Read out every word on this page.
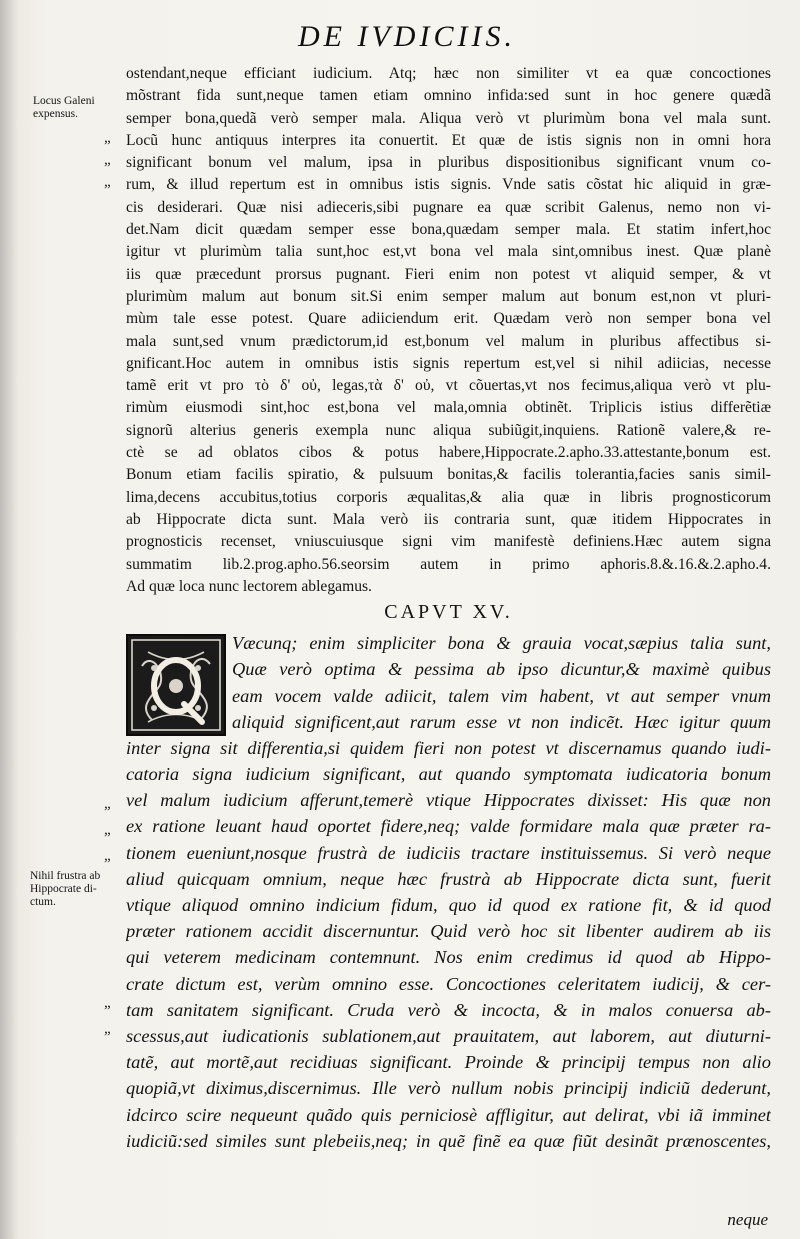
DE IVDICIIS.
Locus Galeni
expensus.
Nihil frustra ab
Hippocrate di-
ctum.
„
„
„
„
„
„
„
„
ostendant,neque efficiant iudicium. Atq; hæc non similiter vt ea quæ concoctiones
mõstrant fida sunt,neque tamen etiam omnino infida:sed sunt in hoc genere quædã
semper bona,quedã verò semper mala. Aliqua verò vt plurimùm bona vel mala sunt.
Locũ hunc antiquus interpres ita conuertit. Et quæ de istis signis non in omni hora
significant bonum vel malum, ipsa in pluribus dispositionibus significant vnum co-
rum, & illud repertum est in omnibus istis signis. Vnde satis cõstat hic aliquid in græ-
cis desiderari. Quæ nisi adieceris,sibi pugnare ea quæ scribit Galenus, nemo non vi-
det.Nam dicit quædam semper esse bona,quædam semper mala. Et statim infert,hoc
igitur vt plurimùm talia sunt,hoc est,vt bona vel mala sint,omnibus inest. Quæ planè
iis quæ præcedunt prorsus pugnant. Fieri enim non potest vt aliquid semper, & vt
plurimùm malum aut bonum sit.Si enim semper malum aut bonum est,non vt pluri-
mùm tale esse potest. Quare adiiciendum erit. Quædam verò non semper bona vel
mala sunt,sed vnum prædictorum,id est,bonum vel malum in pluribus affectibus si-
gnificant.Hoc autem in omnibus istis signis repertum est,vel si nihil adiicias, necesse
tamẽ erit vt pro τὸ δ' οὐ, legas,τὰ δ' οὐ, vt cõuertas,vt nos fecimus,aliqua verò vt plu-
rimùm eiusmodi sint,hoc est,bona vel mala,omnia obtinẽt. Triplicis istius differẽtiæ
signorũ alterius generis exempla nunc aliqua subiũgit,inquiens. Rationẽ valere,& re-
ctè se ad oblatos cibos & potus habere,Hippocrate.2.apho.33.attestante,bonum est.
Bonum etiam facilis spiratio, & pulsuum bonitas,& facilis tolerantia,facies sanis simil-
lima,decens accubitus,totius corporis æqualitas,& alia quæ in libris prognosticorum
ab Hippocrate dicta sunt. Mala verò iis contraria sunt, quæ itidem Hippocrates in
prognosticis recenset, vniuscuiusque signi vim manifestè definiens.Hæc autem signa
summatim lib.2.prog.apho.56.seorsim autem in primo aphoris.8.&.16.&.2.apho.4.
Ad quæ loca nunc lectorem ablegamus.
CAPVT XV.
Væcunq; enim simpliciter bona & grauia vocat,sæpius talia sunt,
Quæ verò optima & pessima ab ipso dicuntur,& maximè quibus
eam vocem valde adiicit, talem vim habent, vt aut semper vnum
aliquid significent,aut rarum esse vt non indicẽt. Hæc igitur quum
inter signa sit differentia,si quidem fieri non potest vt discernamus quando iudi-
catoria signa iudicium significant, aut quando symptomata iudicatoria bonum
vel malum iudicium afferunt,temerè vtique Hippocrates dixisset: His quæ non
ex ratione leuant haud oportet fidere,neq; valde formidare mala quæ præter ra-
tionem eueniunt,nosque frustrà de iudiciis tractare instituissemus. Si verò neque
aliud quicquam omnium, neque hæc frustrà ab Hippocrate dicta sunt, fuerit
vtique aliquod omnino indicium fidum, quo id quod ex ratione fit, & id quod
præter rationem accidit discernuntur. Quid verò hoc sit libenter audirem ab iis
qui veterem medicinam contemnunt. Nos enim credimus id quod ab Hippo-
crate dictum est, verùm omnino esse. Concoctiones celeritatem iudicij, & cer-
tam sanitatem significant. Cruda verò & incocta, & in malos conuersa ab-
scessus,aut iudicationis sublationem,aut prauitatem, aut laborem, aut diuturni-
tatẽ, aut mortẽ,aut recidiuas significant. Proinde & principij tempus non alio
quopiã,vt diximus,discernimus. Ille verò nullum nobis principij indiciũ dederunt,
idcirco scire nequeunt quãdo quis perniciosè affligitur, aut delirat, vbi iã imminet
iudiciũ:sed similes sunt plebeiis,neq; in quẽ finẽ ea quæ fiũt desinãt prænoscentes,
neque
